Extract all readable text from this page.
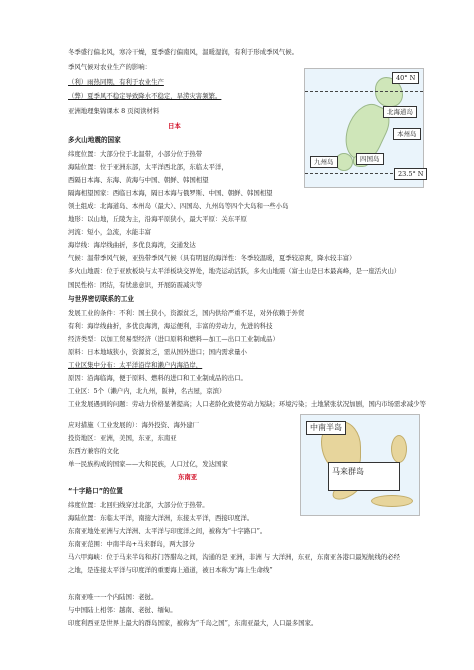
冬季盛行偏北风，寒冷干燥，夏季盛行偏南风，温暖湿润，有利于形成季风气候。
季风气候对农业生产的影响：
（利）雨热同期，有利于农业生产
（弊）夏季风不稳定导致降水不稳定，旱涝灾害频繁。
亚洲地理集锦课本 8 页阅读材料
日本
多火山地震的国家
纬度位置：大部分位于北温带，小部分位于热带
海陆位置：位于亚洲东部，太平洋西北部，东临太平洋，
西隔日本海、东海、黄海与中国、朝鲜、韩国相望
隔海相望国家：西临日本海，隔日本海与俄罗斯、中国、朝鲜、韩国相望
领土组成：北海道岛、本州岛（最大）、四国岛、九州岛等四个大岛和一些小岛
地形：以山地，丘陵为主，沿海平原狭小，最大平原：关东平原
河流：短小，急流，水能丰富
海岸线：海岸线曲折，多优良海湾，交通发达
气候：温带季风气候，亚热带季风气候（具有明显的海洋性：冬季较温暖，夏季较凉爽，降水较丰富）
多火山地震：位于亚欧板块与太平洋板块交界处，地壳运动活跃，多火山地震（富士山是日本最高峰，是一座活火山）
国民性格：团结，有忧患意识，开展防震减灾等
与世界密切联系的工业
发展工业的条件：不利：国土狭小，资源贫乏，国内供给严重不足，对外依赖于外贸
有利：海岸线曲折，多优良海湾，海运便利，丰富的劳动力，先进的科技
经济类型：以加工贸易型经济（进口原料和燃料—加工—出口工业制成品）
原料：日本地域狭小，资源贫乏，需从国外进口；国内需求量小
工业区集中分布：太平洋沿岸和濑户内海沿岸，
原因：沿海临海，便于原料、燃料的进口和工业制成品的出口。
工业区：5个（濑户内，北九州，阪神，名古屋，京滨）
工业发展遇到的问题：劳动力价格显著提高；人口老龄化致使劳动力短缺；环境污染；土地紧张状况加剧，国内市场需求减少等
应对措施（工业发展的）：海外投资、海外建厂
投资地区：亚洲，美国，东亚，东南亚
东西方兼容的文化
单一民族构成的国家——大和民族，人口过亿，发达国家
东南亚
“十字路口”的位置
纬度位置：北回归线穿过北部，大部分位于热带。
海陆位置：东临太平洋，南接大洋洲，东接太平洋，西接印度洋。
东南亚地处亚洲与大洋洲、太平洋与印度洋之间，被称为“十字路口”。
东南亚范围：中南半岛+马来群岛，两大部分
马六甲海峡：位于马来半岛和苏门答腊岛之间，沟通的是 亚洲，非洲 与 大洋洲，东亚，东南亚各港口最短航线的必经
之地，是连接太平洋与印度洋的重要海上通道，被日本称为“海上生命线”
东南亚唯一一个内陆国：老挝。
与中国陆上相邻：越南、老挝、缅甸。
印度利西亚是世界上最大的群岛国家，被称为“千岛之国”，东南亚最大，人口最多国家。
40° N
北海道岛
本州岛
四国岛
九州岛
23.5° N
中南半岛
马来群岛
